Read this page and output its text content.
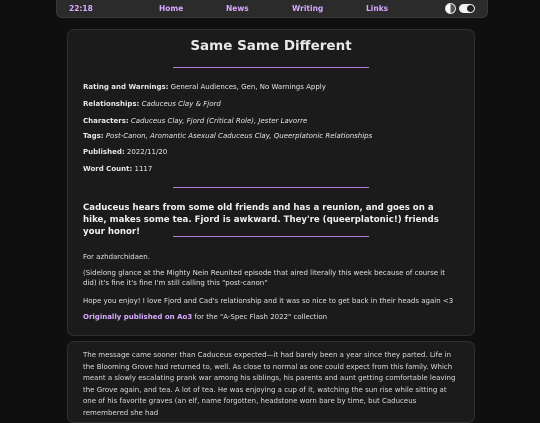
22:18	Home	News	Writing	Links
Same Same Different
Rating and Warnings: General Audiences, Gen, No Warnings Apply
Relationships: Caduceus Clay & Fjord
Characters: Caduceus Clay, Fjord (Critical Role), Jester Lavorre
Tags: Post-Canon, Aromantic Asexual Caduceus Clay, Queerplatonic Relationships
Published: 2022/11/20
Word Count: 1117
Caduceus hears from some old friends and has a reunion, and goes on a hike, makes some tea. Fjord is awkward. They're (queerplatonic!) friends your honor!
For azhdarchidaen.
(Sidelong glance at the Mighty Nein Reunited episode that aired literally this week because of course it did) it's fine it's fine I'm still calling this "post-canon"
Hope you enjoy! I love Fjord and Cad's relationship and it was so nice to get back in their heads again <3
Originally published on Ao3 for the "A-Spec Flash 2022" collection
The message came sooner than Caduceus expected—it had barely been a year since they parted. Life in the Blooming Grove had returned to, well. As close to normal as one could expect from this family. Which meant a slowly escalating prank war among his siblings, his parents and aunt getting comfortable leaving the Grove again, and tea. A lot of tea. He was enjoying a cup of it, watching the sun rise while sitting at one of his favorite graves (an elf, name forgotten, headstone worn bare by time, but Caduceus remembered she had
